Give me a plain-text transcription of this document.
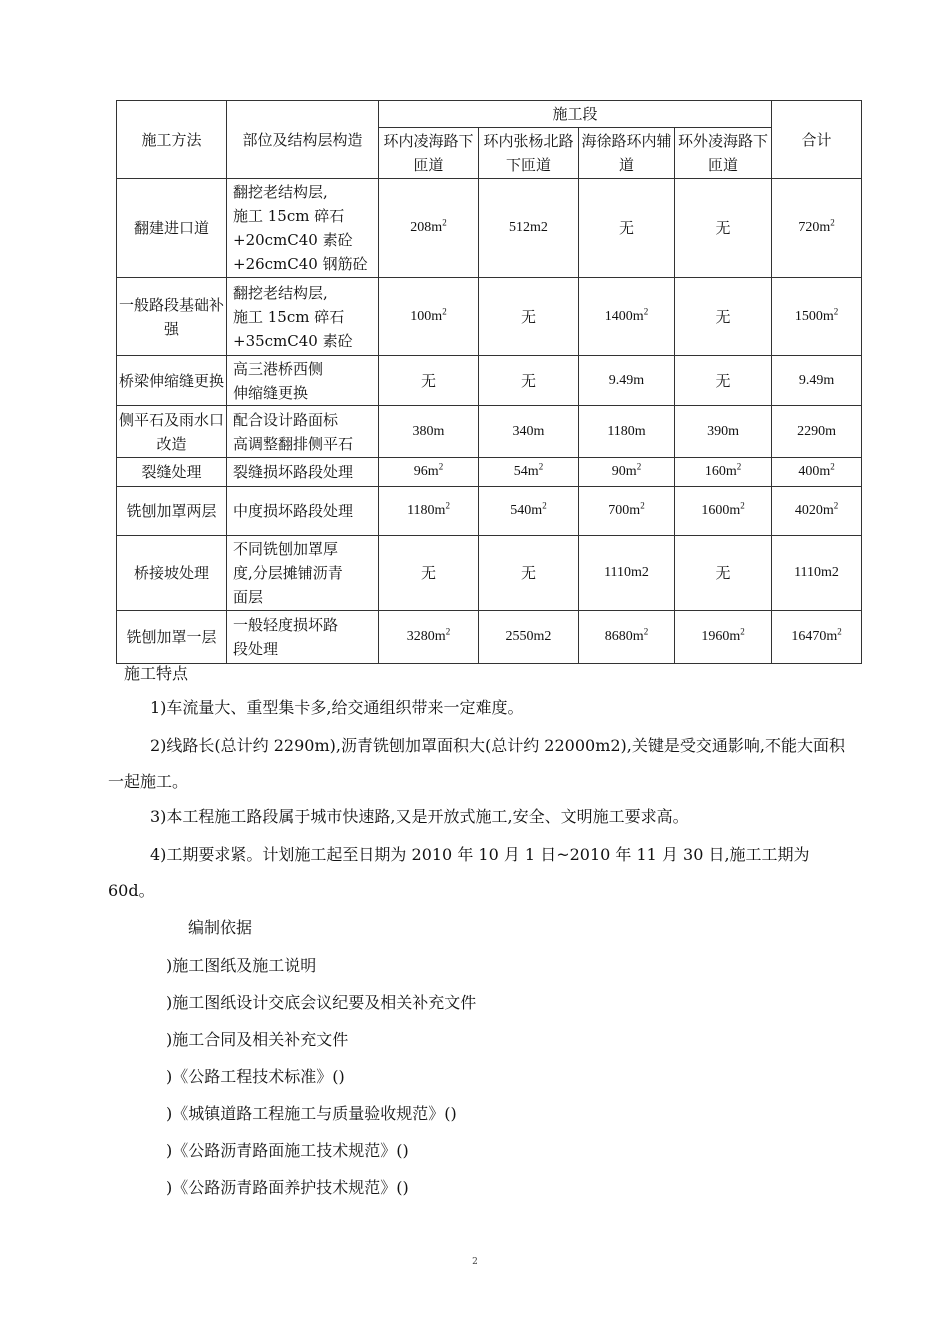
施工方法	部位及结构层构造	施工段				合计
		环内凌海路下匝道	环内张杨北路下匝道	海徐路环内辅道	环外凌海路下匝道	
翻建进口道	翻挖老结构层,
施工 15cm 碎石
+20cmC40 素砼
+26cmC40 钢筋砼	$208m^2$	512m2	无	无	$720m^2$
一般路段基础补强	翻挖老结构层,
施工 15cm 碎石
+35cmC40 素砼	$100m^2$	无	$1400m^2$	无	$1500m^2$
桥梁伸缩缝更换	高三港桥西侧
伸缩缝更换	无	无	9.49m	无	9.49m
侧平石及雨水口改造	配合设计路面标
高调整翻排侧平石	380m	340m	1180m	390m	2290m
裂缝处理	裂缝损坏路段处理	$96m^2$	$54m^2$	$90m^2$	$160m^2$	$400m^2$
铣刨加罩两层	中度损坏路段处理	$1180m^2$	$540m^2$	$700m^2$	$1600m^2$	$4020m^2$
桥接坡处理	不同铣刨加罩厚
度,分层摊铺沥青
面层	无	无	1110m2	无	1110m2
铣刨加罩一层	一般轻度损坏路
段处理	$3280m^2$	2550m2	$8680m^2$	$1960m^2$	$16470m^2$
施工特点
1)车流量大、重型集卡多,给交通组织带来一定难度。
2)线路长(总计约 2290m),沥青铣刨加罩面积大(总计约 22000m2),关键是受交通影响,不能大面积一起施工。
3)本工程施工路段属于城市快速路,又是开放式施工,安全、文明施工要求高。
4)工期要求紧。计划施工起至日期为 2010 年 10 月 1 日~2010 年 11 月 30 日,施工工期为 60d。
编制依据
)施工图纸及施工说明
)施工图纸设计交底会议纪要及相关补充文件
)施工合同及相关补充文件
)《公路工程技术标准》()
)《城镇道路工程施工与质量验收规范》()
)《公路沥青路面施工技术规范》()
)《公路沥青路面养护技术规范》()
2
